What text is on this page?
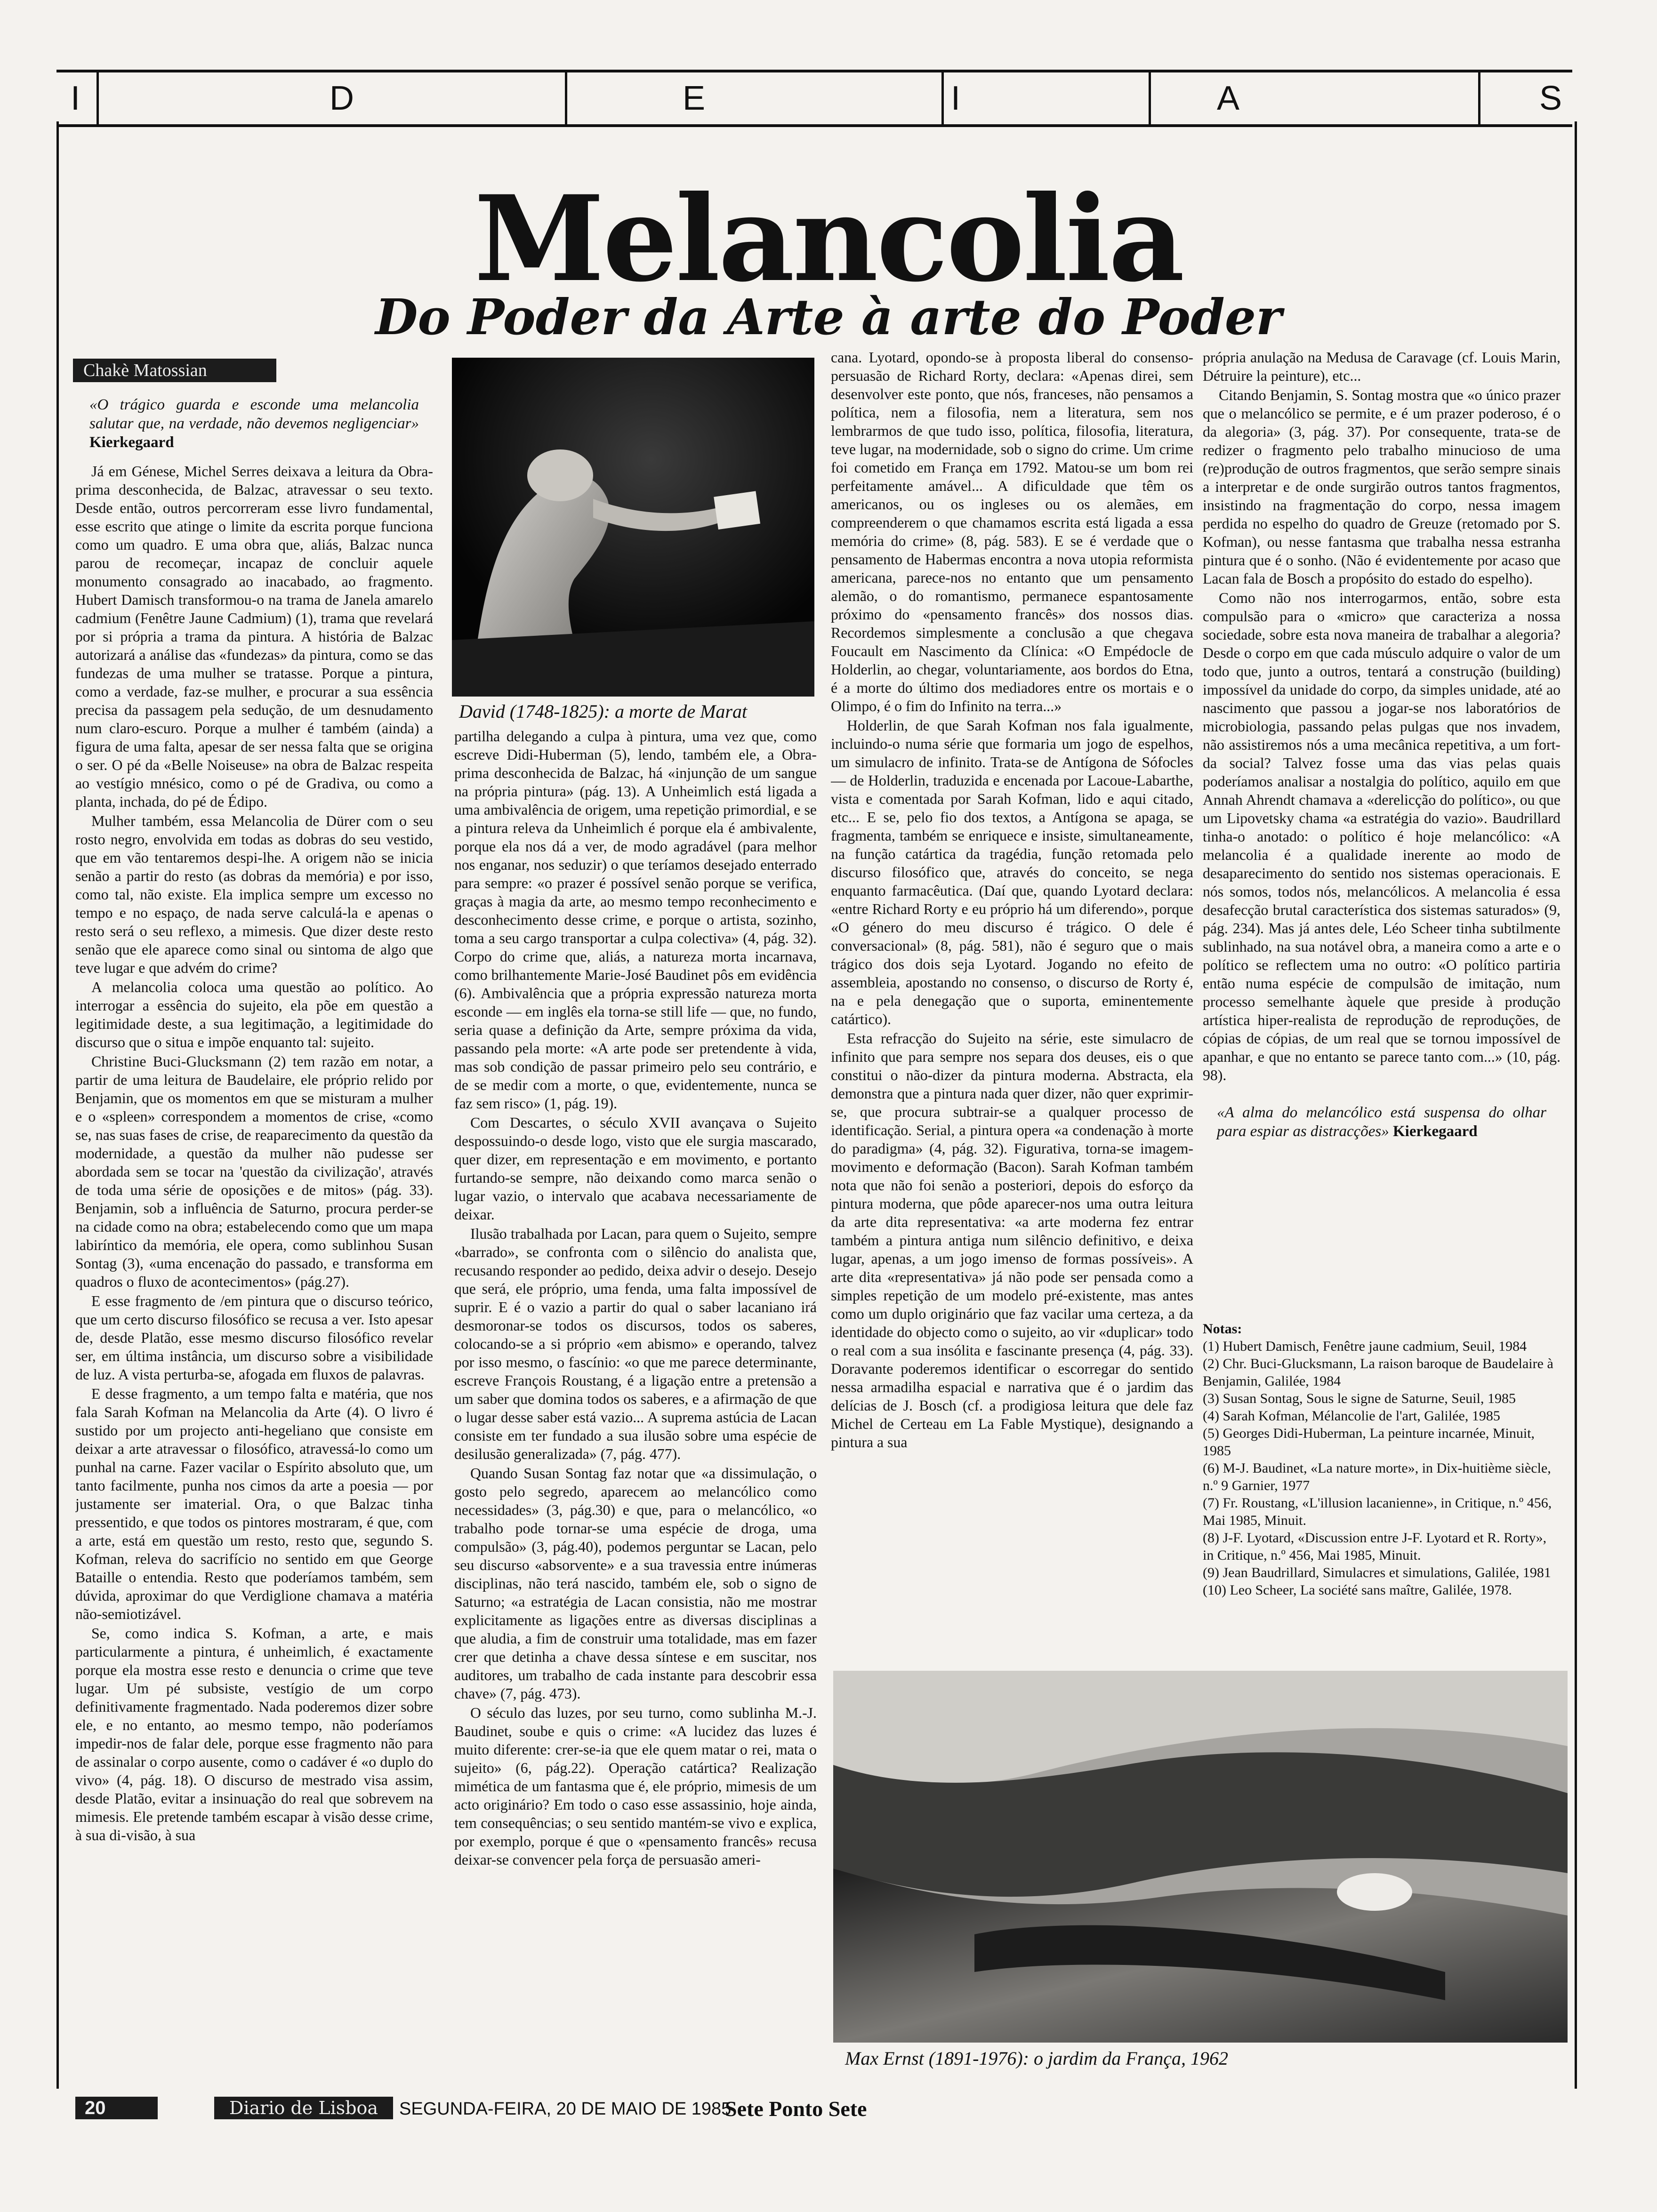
I	D	E	I	A	S
Melancolia
Do Poder da Arte à arte do Poder
Chakè Matossian

«O trágico guarda e esconde uma melancolia salutar que, na verdade, não devemos negligenciar» Kierkegaard

Já em Génese, Michel Serres deixava a leitura da Obra-prima desconhecida, de Balzac, atravessar o seu texto. Desde então, outros percorreram esse livro fundamental, esse escrito que atinge o limite da escrita porque funciona como um quadro. E uma obra que, aliás, Balzac nunca parou de recomeçar, incapaz de concluir aquele monumento consagrado ao inacabado, ao fragmento. Hubert Damisch transformou-o na trama de Janela amarelo cadmium (Fenêtre Jaune Cadmium) (1), trama que revelará por si própria a trama da pintura. A história de Balzac autorizará a análise das «fundezas» da pintura, como se das fundezas de uma mulher se tratasse. Porque a pintura, como a verdade, faz-se mulher, e procurar a sua essência precisa da passagem pela sedução, de um desnudamento num claro-escuro. Porque a mulher é também (ainda) a figura de uma falta, apesar de ser nessa falta que se origina o ser. O pé da «Belle Noiseuse» na obra de Balzac respeita ao vestígio mnésico, como o pé de Gradiva, ou como a planta, inchada, do pé de Édipo.

Mulher também, essa Melancolia de Dürer com o seu rosto negro, envolvida em todas as dobras do seu vestido, que em vão tentaremos despi-lhe. A origem não se inicia senão a partir do resto (as dobras da memória) e por isso, como tal, não existe. Ela implica sempre um excesso no tempo e no espaço, de nada serve calculá-la e apenas o resto será o seu reflexo, a mimesis. Que dizer deste resto senão que ele aparece como sinal ou sintoma de algo que teve lugar e que advém do crime?

A melancolia coloca uma questão ao político. Ao interrogar a essência do sujeito, ela põe em questão a legitimidade deste, a sua legitimação, a legitimidade do discurso que o situa e impõe enquanto tal: sujeito.

Christine Buci-Glucksmann (2) tem razão em notar, a partir de uma leitura de Baudelaire, ele próprio relido por Benjamin, que os momentos em que se misturam a mulher e o «spleen» correspondem a momentos de crise, «como se, nas suas fases de crise, de reaparecimento da questão da modernidade, a questão da mulher não pudesse ser abordada sem se tocar na 'questão da civilização', através de toda uma série de oposições e de mitos» (pág. 33). Benjamin, sob a influência de Saturno, procura perder-se na cidade como na obra; estabelecendo como que um mapa labiríntico da memória, ele opera, como sublinhou Susan Sontag (3), «uma encenação do passado, e transforma em quadros o fluxo de acontecimentos» (pág.27).

E esse fragmento de /em pintura que o discurso teórico, que um certo discurso filosófico se recusa a ver. Isto apesar de, desde Platão, esse mesmo discurso filosófico revelar ser, em última instância, um discurso sobre a visibilidade de luz. A vista perturba-se, afogada em fluxos de palavras.

E desse fragmento, a um tempo falta e matéria, que nos fala Sarah Kofman na Melancolia da Arte (4). O livro é sustido por um projecto anti-hegeliano que consiste em deixar a arte atravessar o filosófico, atravessá-lo como um punhal na carne. Fazer vacilar o Espírito absoluto que, um tanto facilmente, punha nos cimos da arte a poesia — por justamente ser imaterial. Ora, o que Balzac tinha pressentido, e que todos os pintores mostraram, é que, com a arte, está em questão um resto, resto que, segundo S. Kofman, releva do sacrifício no sentido em que George Bataille o entendia. Resto que poderíamos também, sem dúvida, aproximar do que Verdiglione chamava a matéria não-semiotizável.

Se, como indica S. Kofman, a arte, e mais particularmente a pintura, é unheimlich, é exactamente porque ela mostra esse resto e denuncia o crime que teve lugar. Um pé subsiste, vestígio de um corpo definitivamente fragmentado. Nada poderemos dizer sobre ele, e no entanto, ao mesmo tempo, não poderíamos impedir-nos de falar dele, porque esse fragmento não para de assinalar o corpo ausente, como o cadáver é «o duplo do vivo» (4, pág. 18). O discurso de mestrado visa assim, desde Platão, evitar a insinuação do real que sobrevem na mimesis. Ele pretende também escapar à visão desse crime, à sua di-visão, à sua

David (1748-1825): a morte de Marat

partilha delegando a culpa à pintura, uma vez que, como escreve Didi-Huberman (5), lendo, também ele, a Obra-prima desconhecida de Balzac, há «injunção de um sangue na própria pintura» (pág. 13). A Unheimlich está ligada a uma ambivalência de origem, uma repetição primordial, e se a pintura releva da Unheimlich é porque ela é ambivalente, porque ela nos dá a ver, de modo agradável (para melhor nos enganar, nos seduzir) o que teríamos desejado enterrado para sempre: «o prazer é possível senão porque se verifica, graças à magia da arte, ao mesmo tempo reconhecimento e desconhecimento desse crime, e porque o artista, sozinho, toma a seu cargo transportar a culpa colectiva» (4, pág. 32). Corpo do crime que, aliás, a natureza morta incarnava, como brilhantemente Marie-José Baudinet pôs em evidência (6). Ambivalência que a própria expressão natureza morta esconde — em inglês ela torna-se still life — que, no fundo, seria quase a definição da Arte, sempre próxima da vida, passando pela morte: «A arte pode ser pretendente à vida, mas sob condição de passar primeiro pelo seu contrário, e de se medir com a morte, o que, evidentemente, nunca se faz sem risco» (1, pág. 19).

Com Descartes, o século XVII avançava o Sujeito despossuindo-o desde logo, visto que ele surgia mascarado, quer dizer, em representação e em movimento, e portanto furtando-se sempre, não deixando como marca senão o lugar vazio, o intervalo que acabava necessariamente de deixar.

Ilusão trabalhada por Lacan, para quem o Sujeito, sempre «barrado», se confronta com o silêncio do analista que, recusando responder ao pedido, deixa advir o desejo. Desejo que será, ele próprio, uma fenda, uma falta impossível de suprir. E é o vazio a partir do qual o saber lacaniano irá desmoronar-se todos os discursos, todos os saberes, colocando-se a si próprio «em abismo» e operando, talvez por isso mesmo, o fascínio: «o que me parece determinante, escreve François Roustang, é a ligação entre a pretensão a um saber que domina todos os saberes, e a afirmação de que o lugar desse saber está vazio... A suprema astúcia de Lacan consiste em ter fundado a sua ilusão sobre uma espécie de desilusão generalizada» (7, pág. 477).

Quando Susan Sontag faz notar que «a dissimulação, o gosto pelo segredo, aparecem ao melancólico como necessidades» (3, pág.30) e que, para o melancólico, «o trabalho pode tornar-se uma espécie de droga, uma compulsão» (3, pág.40), podemos perguntar se Lacan, pelo seu discurso «absorvente» e a sua travessia entre inúmeras disciplinas, não terá nascido, também ele, sob o signo de Saturno; «a estratégia de Lacan consistia, não me mostrar explicitamente as ligações entre as diversas disciplinas a que aludia, a fim de construir uma totalidade, mas em fazer crer que detinha a chave dessa síntese e em suscitar, nos auditores, um trabalho de cada instante para descobrir essa chave» (7, pág. 473).

O século das luzes, por seu turno, como sublinha M.-J. Baudinet, soube e quis o crime: «A lucidez das luzes é muito diferente: crer-se-ia que ele quem matar o rei, mata o sujeito» (6, pág.22). Operação catártica? Realização mimética de um fantasma que é, ele próprio, mimesis de um acto originário? Em todo o caso esse assassinio, hoje ainda, tem consequências; o seu sentido mantém-se vivo e explica, por exemplo, porque é que o «pensamento francês» recusa deixar-se convencer pela força de persuasão ameri-

cana. Lyotard, opondo-se à proposta liberal do consenso-persuasão de Richard Rorty, declara: «Apenas direi, sem desenvolver este ponto, que nós, franceses, não pensamos a política, nem a filosofia, nem a literatura, sem nos lembrarmos de que tudo isso, política, filosofia, literatura, teve lugar, na modernidade, sob o signo do crime. Um crime foi cometido em França em 1792. Matou-se um bom rei perfeitamente amável... A dificuldade que têm os americanos, ou os ingleses ou os alemães, em compreenderem o que chamamos escrita está ligada a essa memória do crime» (8, pág. 583). E se é verdade que o pensamento de Habermas encontra a nova utopia reformista americana, parece-nos no entanto que um pensamento alemão, o do romantismo, permanece espantosamente próximo do «pensamento francês» dos nossos dias. Recordemos simplesmente a conclusão a que chegava Foucault em Nascimento da Clínica: «O Empédocle de Holderlin, ao chegar, voluntariamente, aos bordos do Etna, é a morte do último dos mediadores entre os mortais e o Olimpo, é o fim do Infinito na terra...»

Holderlin, de que Sarah Kofman nos fala igualmente, incluindo-o numa série que formaria um jogo de espelhos, um simulacro de infinito. Trata-se de Antígona de Sófocles — de Holderlin, traduzida e encenada por Lacoue-Labarthe, vista e comentada por Sarah Kofman, lido e aqui citado, etc... E se, pelo fio dos textos, a Antígona se apaga, se fragmenta, também se enriquece e insiste, simultaneamente, na função catártica da tragédia, função retomada pelo discurso filosófico que, através do conceito, se nega enquanto farmacêutica. (Daí que, quando Lyotard declara: «entre Richard Rorty e eu próprio há um diferendo», porque «O género do meu discurso é trágico. O dele é conversacional» (8, pág. 581), não é seguro que o mais trágico dos dois seja Lyotard. Jogando no efeito de assembleia, apostando no consenso, o discurso de Rorty é, na e pela denegação que o suporta, eminentemente catártico).

Esta refracção do Sujeito na série, este simulacro de infinito que para sempre nos separa dos deuses, eis o que constitui o não-dizer da pintura moderna. Abstracta, ela demonstra que a pintura nada quer dizer, não quer exprimir-se, que procura subtrair-se a qualquer processo de identificação. Serial, a pintura opera «a condenação à morte do paradigma» (4, pág. 32). Figurativa, torna-se imagem-movimento e deformação (Bacon). Sarah Kofman também nota que não foi senão a posteriori, depois do esforço da pintura moderna, que pôde aparecer-nos uma outra leitura da arte dita representativa: «a arte moderna fez entrar também a pintura antiga num silêncio definitivo, e deixa lugar, apenas, a um jogo imenso de formas possíveis». A arte dita «representativa» já não pode ser pensada como a simples repetição de um modelo pré-existente, mas antes como um duplo originário que faz vacilar uma certeza, a da identidade do objecto como o sujeito, ao vir «duplicar» todo o real com a sua insólita e fascinante presença (4, pág. 33). Doravante poderemos identificar o escorregar do sentido nessa armadilha espacial e narrativa que é o jardim das delícias de J. Bosch (cf. a prodigiosa leitura que dele faz Michel de Certeau em La Fable Mystique), designando a pintura a sua

própria anulação na Medusa de Caravage (cf. Louis Marin, Détruire la peinture), etc...

Citando Benjamin, S. Sontag mostra que «o único prazer que o melancólico se permite, e é um prazer poderoso, é o da alegoria» (3, pág. 37). Por consequente, trata-se de redizer o fragmento pelo trabalho minucioso de uma (re)produção de outros fragmentos, que serão sempre sinais a interpretar e de onde surgirão outros tantos fragmentos, insistindo na fragmentação do corpo, nessa imagem perdida no espelho do quadro de Greuze (retomado por S. Kofman), ou nesse fantasma que trabalha nessa estranha pintura que é o sonho. (Não é evidentemente por acaso que Lacan fala de Bosch a propósito do estado do espelho).

Como não nos interrogarmos, então, sobre esta compulsão para o «micro» que caracteriza a nossa sociedade, sobre esta nova maneira de trabalhar a alegoria? Desde o corpo em que cada músculo adquire o valor de um todo que, junto a outros, tentará a construção (building) impossível da unidade do corpo, da simples unidade, até ao nascimento que passou a jogar-se nos laboratórios de microbiologia, passando pelas pulgas que nos invadem, não assistiremos nós a uma mecânica repetitiva, a um fort-da social? Talvez fosse uma das vias pelas quais poderíamos analisar a nostalgia do político, aquilo em que Annah Ahrendt chamava a «derelicção do político», ou que um Lipovetsky chama «a estratégia do vazio». Baudrillard tinha-o anotado: o político é hoje melancólico: «A melancolia é a qualidade inerente ao modo de desaparecimento do sentido nos sistemas operacionais. E nós somos, todos nós, melancólicos. A melancolia é essa desafecção brutal característica dos sistemas saturados» (9, pág. 234). Mas já antes dele, Léo Scheer tinha subtilmente sublinhado, na sua notável obra, a maneira como a arte e o político se reflectem uma no outro: «O político partiria então numa espécie de compulsão de imitação, num processo semelhante àquele que preside à produção artística hiper-realista de reprodução de reproduções, de cópias de cópias, de um real que se tornou impossível de apanhar, e que no entanto se parece tanto com...» (10, pág. 98).

«A alma do melancólico está suspensa do olhar para espiar as distracções» Kierkegaard

Notas:
(1) Hubert Damisch, Fenêtre jaune cadmium, Seuil, 1984
(2) Chr. Buci-Glucksmann, La raison baroque de Baudelaire à Benjamin, Galilée, 1984
(3) Susan Sontag, Sous le signe de Saturne, Seuil, 1985
(4) Sarah Kofman, Mélancolie de l'art, Galilée, 1985
(5) Georges Didi-Huberman, La peinture incarnée, Minuit, 1985
(6) M-J. Baudinet, «La nature morte», in Dix-huitième siècle, n.º 9 Garnier, 1977
(7) Fr. Roustang, «L'illusion lacanienne», in Critique, n.º 456, Mai 1985, Minuit.
(8) J-F. Lyotard, «Discussion entre J-F. Lyotard et R. Rorty», in Critique, n.º 456, Mai 1985, Minuit.
(9) Jean Baudrillard, Simulacres et simulations, Galilée, 1981
(10) Leo Scheer, La société sans maître, Galilée, 1978.
Max Ernst (1891-1976): o jardim da França, 1962
20	Diario de Lisboa	SEGUNDA-FEIRA, 20 DE MAIO DE 1985
Sete Ponto Sete
